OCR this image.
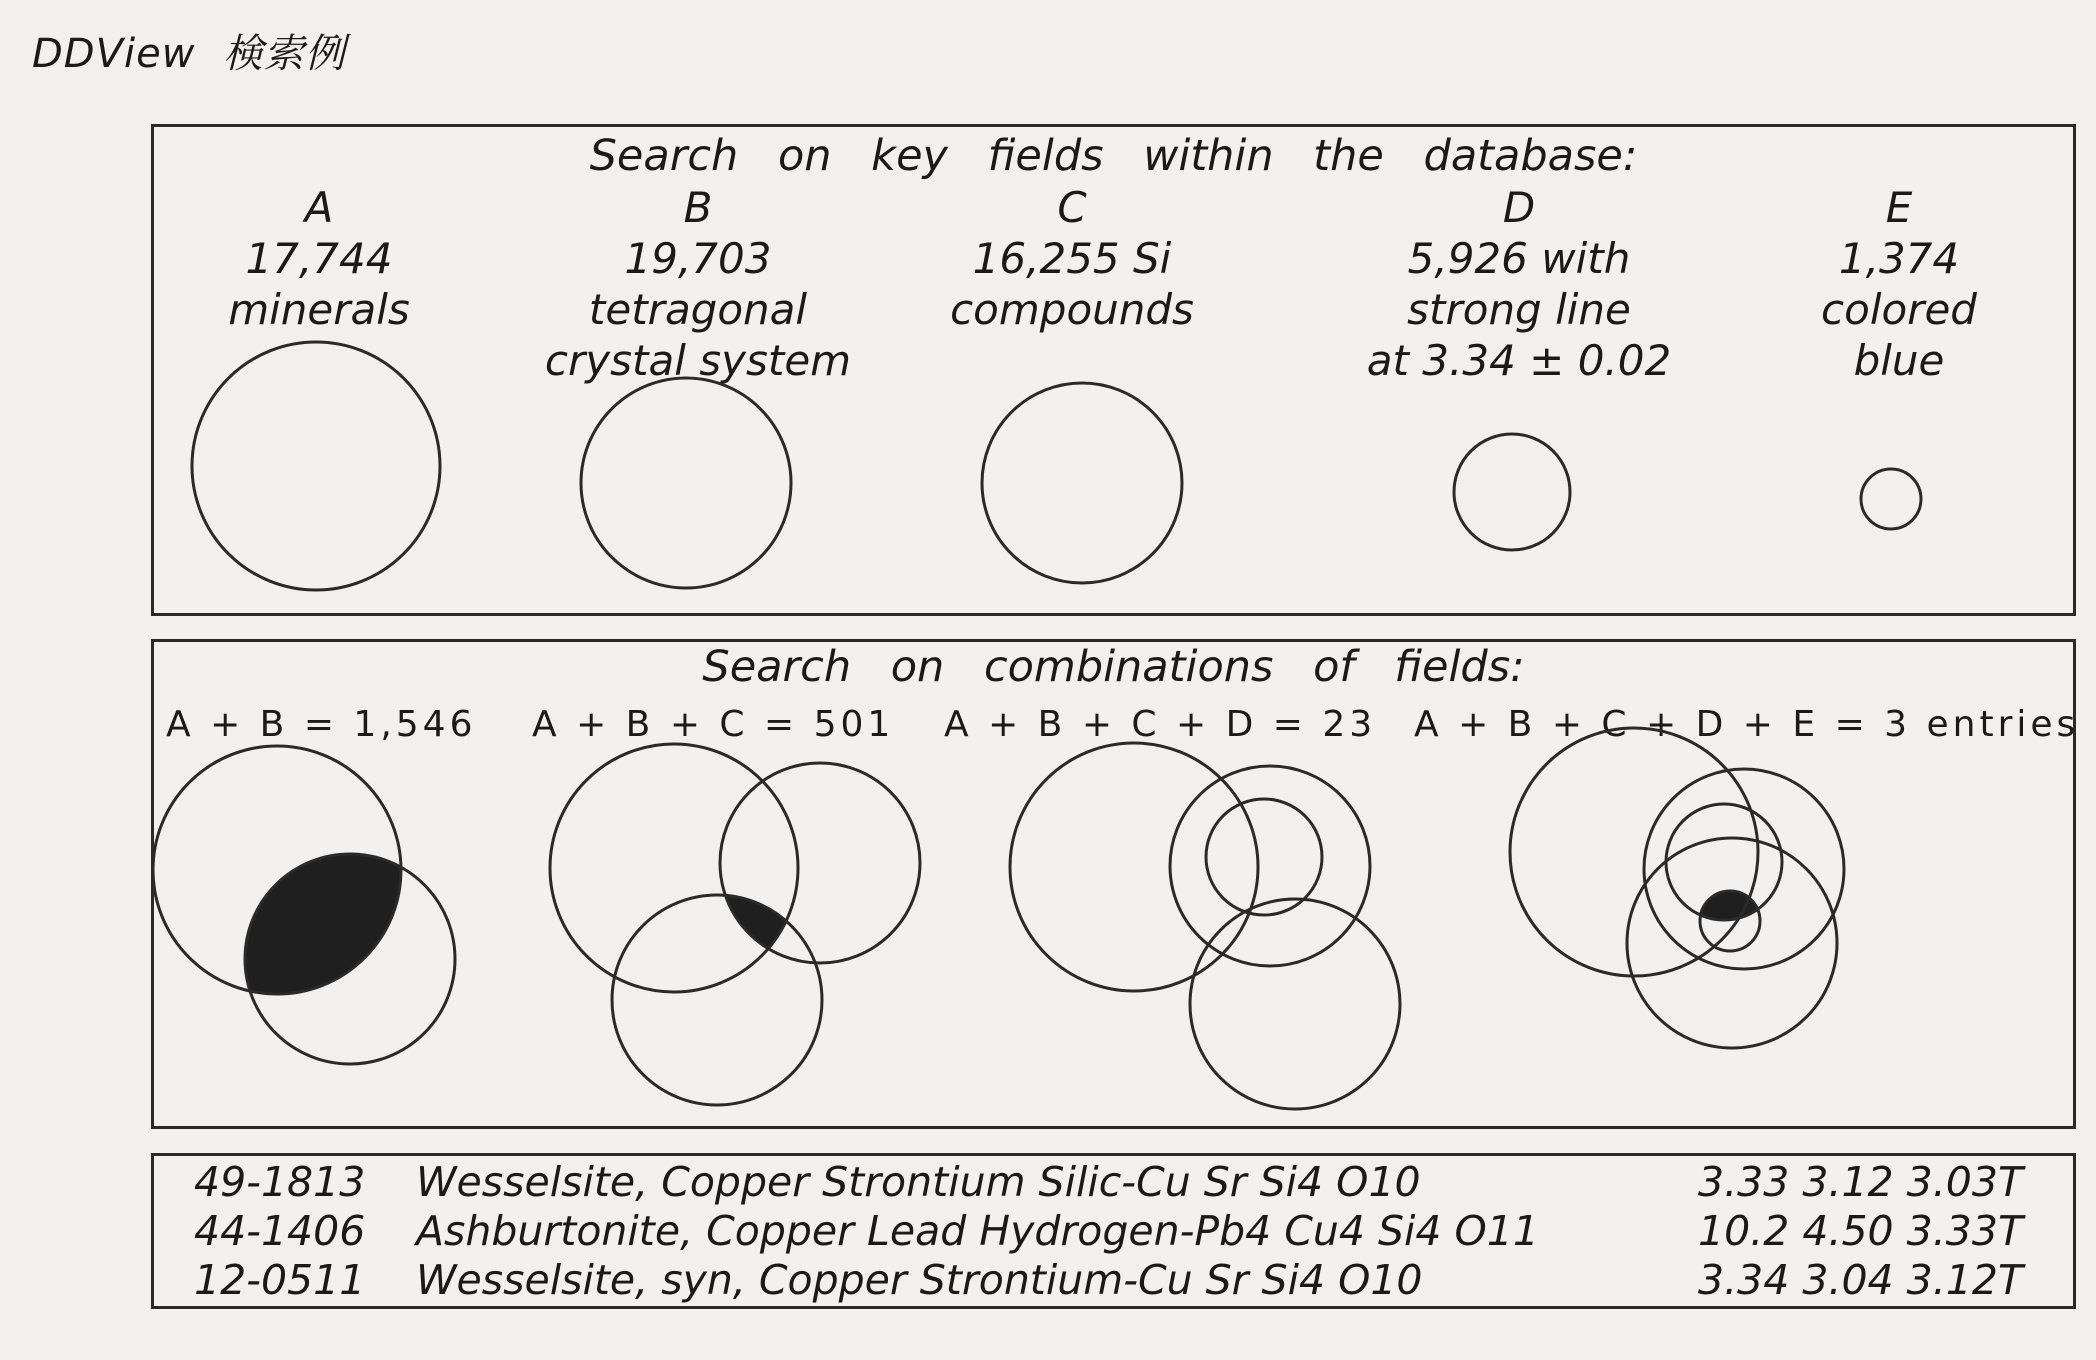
DDView  検索例
Search on key fields within the database:
A
17,744
minerals
B
19,703
tetragonal
crystal system
C
16,255 Si
compounds
D
5,926 with
strong line
at 3.34 ± 0.02
E
1,374
colored
blue
Search on combinations of fields:
A + B = 1,546 A + B + C = 501 A + B + C + D = 23 A + B + C + D + E = 3 entries
49-1813 Wesselsite, Copper Strontium Silic-Cu Sr Si4 O10	3.33 3.12 3.03T
44-1406 Ashburtonite, Copper Lead Hydrogen-Pb4 Cu4 Si4 O11	10.2 4.50 3.33T
12-0511 Wesselsite, syn, Copper Strontium-Cu Sr Si4 O10	3.34 3.04 3.12T
